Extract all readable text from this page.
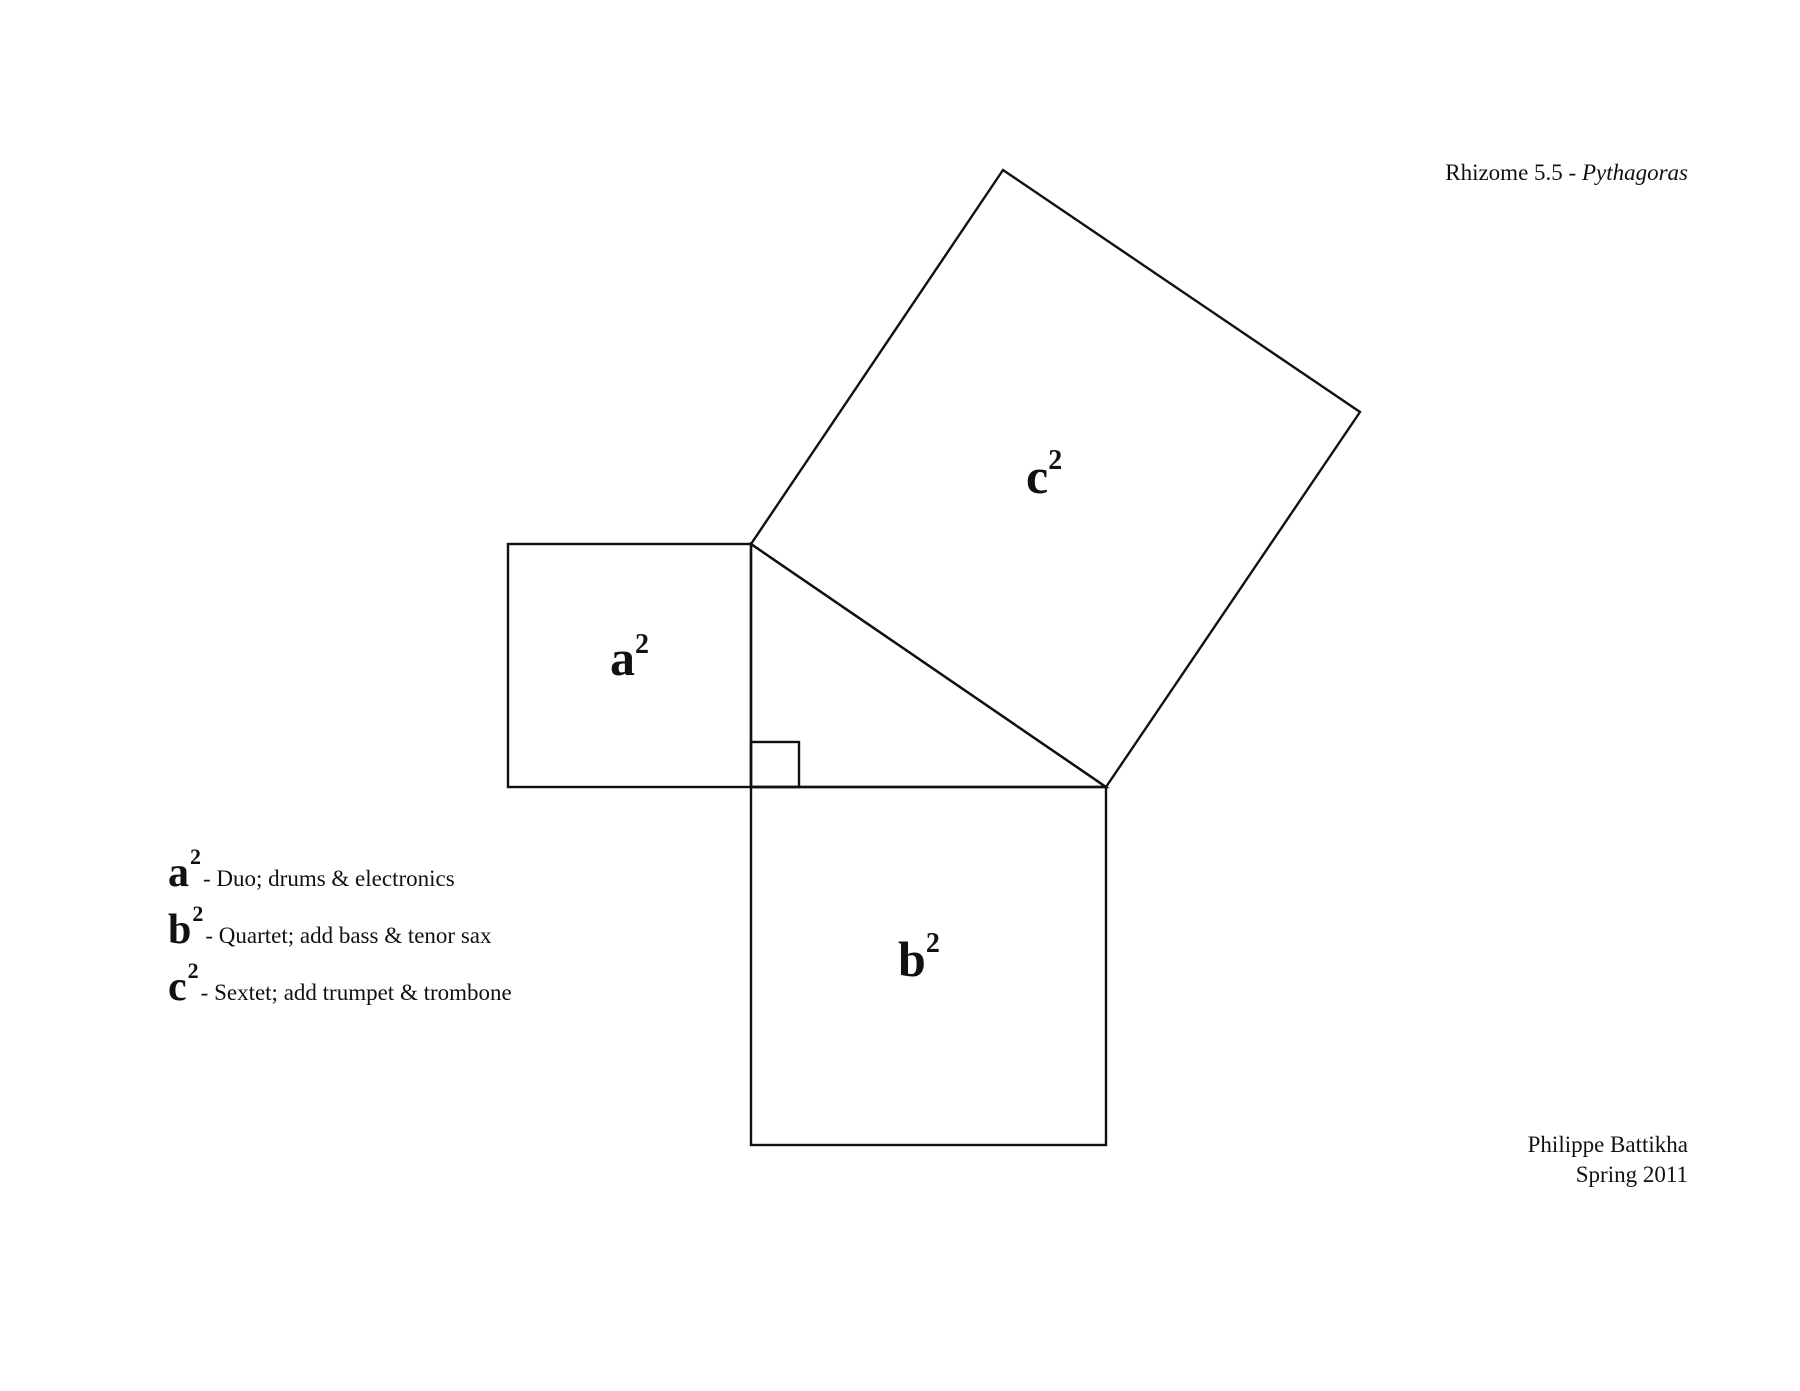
a2
b2
c2
Rhizome 5.5 - Pythagoras
a 2
- Duo; drums & electronics
b 2
- Quartet; add bass & tenor sax
c 2
- Sextet; add trumpet & trombone
Philippe Battikha
Spring 2011
